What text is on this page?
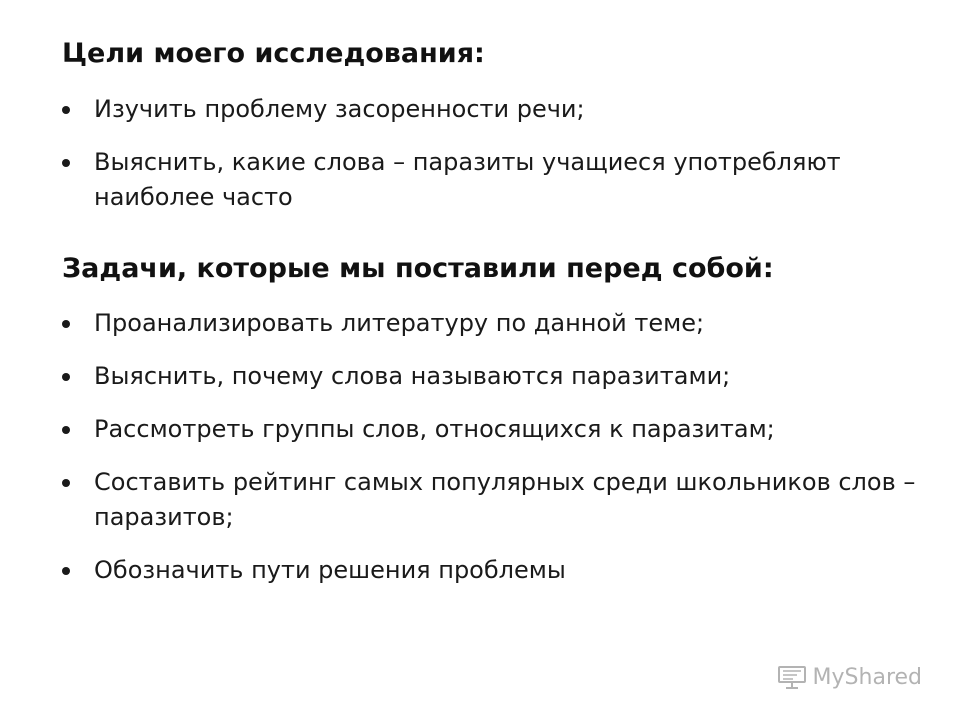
Цели моего исследования:
Изучить проблему засоренности речи;
Выяснить, какие слова – паразиты учащиеся употребляют наиболее часто
Задачи, которые мы поставили перед собой:
Проанализировать литературу по данной теме;
Выяснить, почему слова называются паразитами;
Рассмотреть группы слов, относящихся к паразитам;
Составить рейтинг самых популярных среди школьников слов – паразитов;
Обозначить пути решения проблемы
MyShared
